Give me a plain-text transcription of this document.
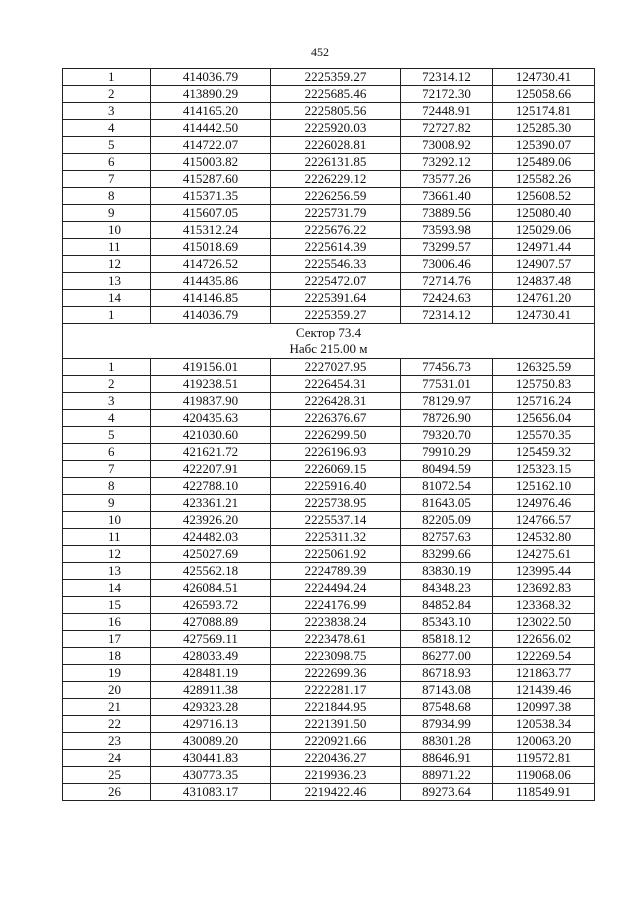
452
1	414036.79	2225359.27	72314.12	124730.41
2	413890.29	2225685.46	72172.30	125058.66
3	414165.20	2225805.56	72448.91	125174.81
4	414442.50	2225920.03	72727.82	125285.30
5	414722.07	2226028.81	73008.92	125390.07
6	415003.82	2226131.85	73292.12	125489.06
7	415287.60	2226229.12	73577.26	125582.26
8	415371.35	2226256.59	73661.40	125608.52
9	415607.05	2225731.79	73889.56	125080.40
10	415312.24	2225676.22	73593.98	125029.06
11	415018.69	2225614.39	73299.57	124971.44
12	414726.52	2225546.33	73006.46	124907.57
13	414435.86	2225472.07	72714.76	124837.48
14	414146.85	2225391.64	72424.63	124761.20
1	414036.79	2225359.27	72314.12	124730.41

Сектор 73.4
Набс 215.00 м				

1	419156.01	2227027.95	77456.73	126325.59
2	419238.51	2226454.31	77531.01	125750.83
3	419837.90	2226428.31	78129.97	125716.24
4	420435.63	2226376.67	78726.90	125656.04
5	421030.60	2226299.50	79320.70	125570.35
6	421621.72	2226196.93	79910.29	125459.32
7	422207.91	2226069.15	80494.59	125323.15
8	422788.10	2225916.40	81072.54	125162.10
9	423361.21	2225738.95	81643.05	124976.46
10	423926.20	2225537.14	82205.09	124766.57
11	424482.03	2225311.32	82757.63	124532.80
12	425027.69	2225061.92	83299.66	124275.61
13	425562.18	2224789.39	83830.19	123995.44
14	426084.51	2224494.24	84348.23	123692.83
15	426593.72	2224176.99	84852.84	123368.32
16	427088.89	2223838.24	85343.10	123022.50
17	427569.11	2223478.61	85818.12	122656.02
18	428033.49	2223098.75	86277.00	122269.54
19	428481.19	2222699.36	86718.93	121863.77
20	428911.38	2222281.17	87143.08	121439.46
21	429323.28	2221844.95	87548.68	120997.38
22	429716.13	2221391.50	87934.99	120538.34
23	430089.20	2220921.66	88301.28	120063.20
24	430441.83	2220436.27	88646.91	119572.81
25	430773.35	2219936.23	88971.22	119068.06
26	431083.17	2219422.46	89273.64	118549.91
